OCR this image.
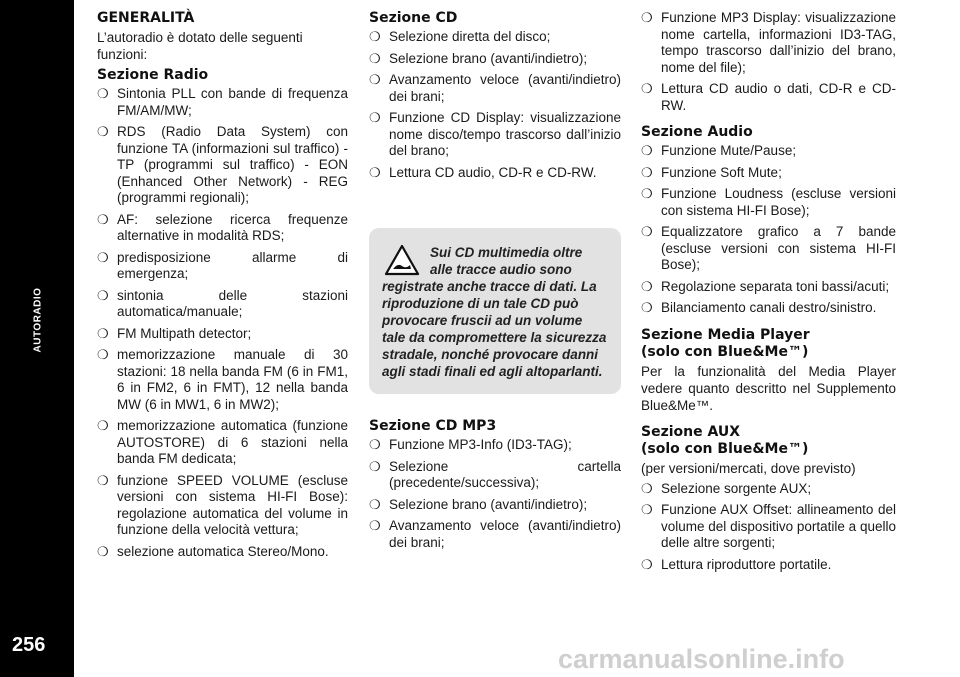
AUTORADIO
256
GENERALITÀ

L’autoradio è dotato delle seguenti funzioni:

Sezione Radio
❍ Sintonia PLL con bande di frequenza FM/AM/MW;
❍ RDS (Radio Data System) con funzione TA (informazioni sul traffico) - TP (programmi sul traffico) - EON (Enhanced Other Network) - REG (programmi regionali);
❍ AF: selezione ricerca frequenze alternative in modalità RDS;
❍ predisposizione allarme di emergenza;
❍ sintonia delle stazioni automatica/manuale;
❍ FM Multipath detector;
❍ memorizzazione manuale di 30 stazioni: 18 nella banda FM (6 in FM1, 6 in FM2, 6 in FMT), 12 nella banda MW (6 in MW1, 6 in MW2);
❍ memorizzazione automatica (funzione AUTOSTORE) di 6 stazioni nella banda FM dedicata;
❍ funzione SPEED VOLUME (escluse versioni con sistema HI-FI Bose): regolazione automatica del volume in funzione della velocità vettura;
❍ selezione automatica Stereo/Mono.
Sezione CD
❍ Selezione diretta del disco;
❍ Selezione brano (avanti/indietro);
❍ Avanzamento veloce (avanti/indietro) dei brani;
❍ Funzione CD Display: visualizzazione nome disco/tempo trascorso dall’inizio del brano;
❍ Lettura CD audio, CD-R e CD-RW.
Sui CD multimedia oltre alle tracce audio sono registrate anche tracce di dati. La riproduzione di un tale CD può provocare fruscii ad un volume tale da compromettere la sicurezza stradale, nonché provocare danni agli stadi finali ed agli altoparlanti.
Sezione CD MP3
❍ Funzione MP3-Info (ID3-TAG);
❍ Selezione cartella (precedente/successiva);
❍ Selezione brano (avanti/indietro);
❍ Avanzamento veloce (avanti/indietro) dei brani;
❍ Funzione MP3 Display: visualizzazione nome cartella, informazioni ID3-TAG, tempo trascorso dall’inizio del brano, nome del file);
❍ Lettura CD audio o dati, CD-R e CD-RW.
Sezione Audio
❍ Funzione Mute/Pause;
❍ Funzione Soft Mute;
❍ Funzione Loudness (escluse versioni con sistema HI-FI Bose);
❍ Equalizzatore grafico a 7 bande (escluse versioni con sistema HI-FI Bose);
❍ Regolazione separata toni bassi/acuti;
❍ Bilanciamento canali destro/sinistro.
Sezione Media Player
(solo con Blue&Me™)

Per la funzionalità del Media Player vedere quanto descritto nel Supplemento Blue&Me™.

Sezione AUX
(solo con Blue&Me™)

(per versioni/mercati, dove previsto)

❍ Selezione sorgente AUX;
❍ Funzione AUX Offset: allineamento del volume del dispositivo portatile a quello delle altre sorgenti;
❍ Lettura riproduttore portatile.
carmanualsonline.info
